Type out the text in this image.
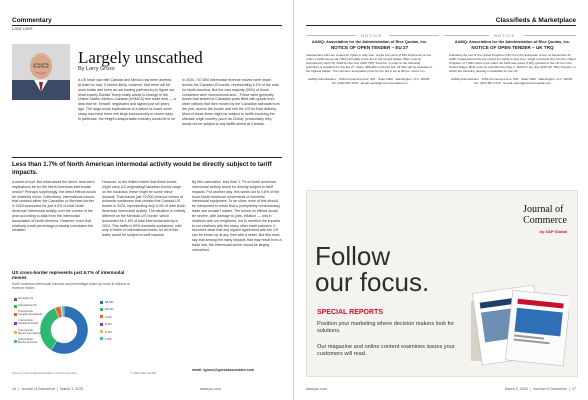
Commentary
Land Lines
Largely unscathed
By Larry Gross
A US trade war with Canada and Mexico has been averted, at least for now. It seems likely, however, that there will be more twists and turns as our trading partners try to figure out what exactly Donald Trump really wants to change in the United States–Mexico–Canada (USMCA) free trade deal — a deal that he, himself, negotiated and signed just six years ago. The large-scale implications of a failure to reach some sharp loss have been writ large economically in recent days. In particular, the freight transportation industry would be in for
In 2024, 747,800 intermodal revenue moves were made across the Canada-US border, representing 4.1% of the total for North America. But the vast majority (90%) of those containers were conventional and... These were generally boxes that arrived in Canadian ports filled with goods from other nations that then moved by the Canadian railroads from the port, across the border and into the US for final delivery. Most of these flows might be subject to tariffs involving the ultimate origin country (such as China), presumably they would not be subject to any tariffs aimed at Canada.
Less than 1.7% of North American intermodal activity would be directly subject to tariff impacts.
a world of hurt. But what would the direct, near-term implications be for the North American intermodal sector? Perhaps surprisingly, the direct effects would be relatively minor. Collectively, international moves that crossed either the Canadian or Mexican border in 2024 accounted for just 6.5% of total North American intermodal activity over the course of the year according to data from the Intermodal Association of North America. However, even that relatively small percentage probably overstates the situation.
However, to the limited extent that these boxes might carry US-originating/Canadian-bound cargo on the backhaul, these might be some minor impacts. That leaves just 79,000 revenue moves of domestic containers that crossed the Canada-US border in 2024, representing only 0.4% of total North American intermodal activity. The situation is entirely different on the Mexican-US border, which accounted for 1.6% of total intermodal activity in 2024. This traffic is 99% domestic containers, with only a trickle of international boxes, so all of this traffic would be subject to tariff impacts.
By this calculation, less than 1.7% of North American intermodal activity would be directly subject to tariff impacts. Put another way, this works out to 0.8% of the truck-North American movements of domestic intermodal equipment. To be clear, none of this should be interpreted to mean that a (completely unnecessary) trade war wouldn't matter. The knock-on effects would be severe, with damage to jobs, inflation — and in relations with our neighbors, not to mention the impacts to our relations with the many other trade partners. It becomes clear that any signed agreement with the US can be blown up at any time with a tweet. But this does say that among the many impacts that may result from a trade war, the intermodal sector would be largely unscathed.
email: lgross@grossassociates.com
US cross-border represents just 6.7% of intermodal moves
North American intermodal volumes and percentage share by mode in millions of revenue moves
Domestic US
International US
Cross-border Canada international
Cross-border Canada domestic
Cross-border Mexico international
Cross-border Mexico domestic
Source: Intermodal Association of North America	© 2025 S&P Global
16  |  Journal of Commerce  |  March 3, 2025	www.joc.com
58.9%
34.6%
4.1%
0.4%
0.1%
1.6%
Classifieds & Marketplace
NOTICE	NOTICE
AAMQ: Association for the Administration of Rice Quotas, Inc.
NOTICE OF OPEN TENDER – EU 27
Independent bids are invited for rights to duty-free, single entry/exit of 540 shipments of rice under a tariff-rate quota (TRQ) annually to the EU in the United States. Bids must be submitted by April 15, 2025 for the July 2025 TRQ Tranche, in order to the following quantities is available for the EU 27: Value: $60,000 minimum bid. All bids will be awarded to the highest bidder. The minimum acceptable price for the bid is set at $3 per metric ton.
AAMQ Administrator · 1150 Connecticut Ave, NW · Suite 1000 · Washington, D.C. 20036 · Tel: (202) 897-1370 · Email: aamq@connorsmedia.com
AAMQ: Association for the Administration of Rice Quotas, Inc.
NOTICE OF OPEN TENDER – UK TRQ
Following the exit of the United Kingdom (UK) from the European Union on December 31, 2020, independent bids are invited for rights to duty-free, single entry/exit rice into the United Kingdom of 7,000 metric tons under the tariff-rate quota (TRQ) granted to the UK from the United States. Bids must be submitted by May 1, 2025 for the July 2025 UK TRQ Tranche, in which the following quantity is available for the UK.
AAMQ Administrator · 1150 Connecticut Ave, NW · Suite 1000 · Washington, D.C. 20036 · Tel: (202) 897-1370 · E-mail: aamq@connorsmedia.com
Journal of
Commerce
by S&P Global
Follow
our focus.
SPECIAL REPORTS
Position your marketing where decision makers look for solutions.
Our magazine and online content examines issues your customers will read.
www.joc.com	March 3, 2025  |  Journal of Commerce  |  17
